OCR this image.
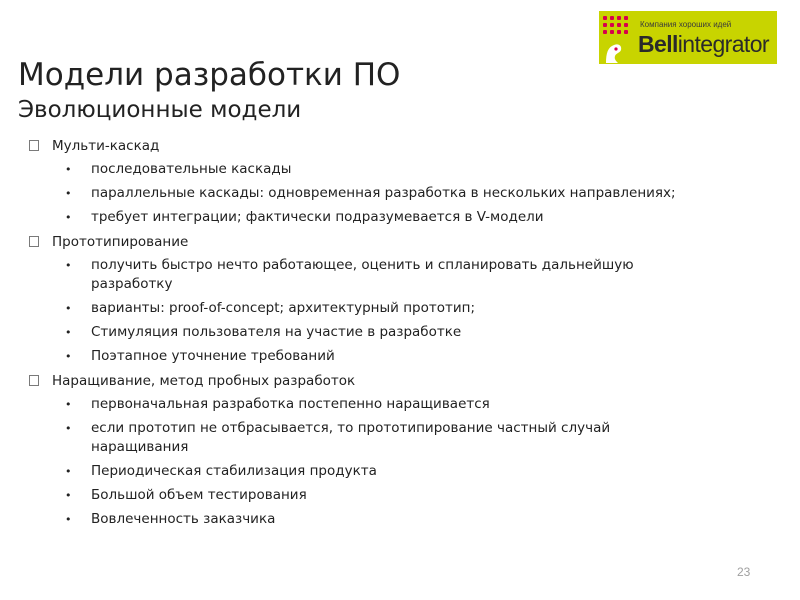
Компания хороших идей
Bellintegrator
Модели разработки ПО
Эволюционные модели
Мульти-каскад
• последовательные каскады
• параллельные каскады: одновременная разработка в нескольких направлениях;
• требует интеграции; фактически подразумевается в V-модели
Прототипирование
• получить быстро нечто работающее, оценить и спланировать дальнейшую разработку
• варианты: proof-of-concept; архитектурный прототип;
• Стимуляция пользователя на участие в разработке
• Поэтапное уточнение требований
Наращивание, метод пробных разработок
• первоначальная разработка постепенно наращивается
• если прототип не отбрасывается, то прототипирование частный случай наращивания
• Периодическая стабилизация продукта
• Большой объем тестирования
• Вовлеченность заказчика
23
